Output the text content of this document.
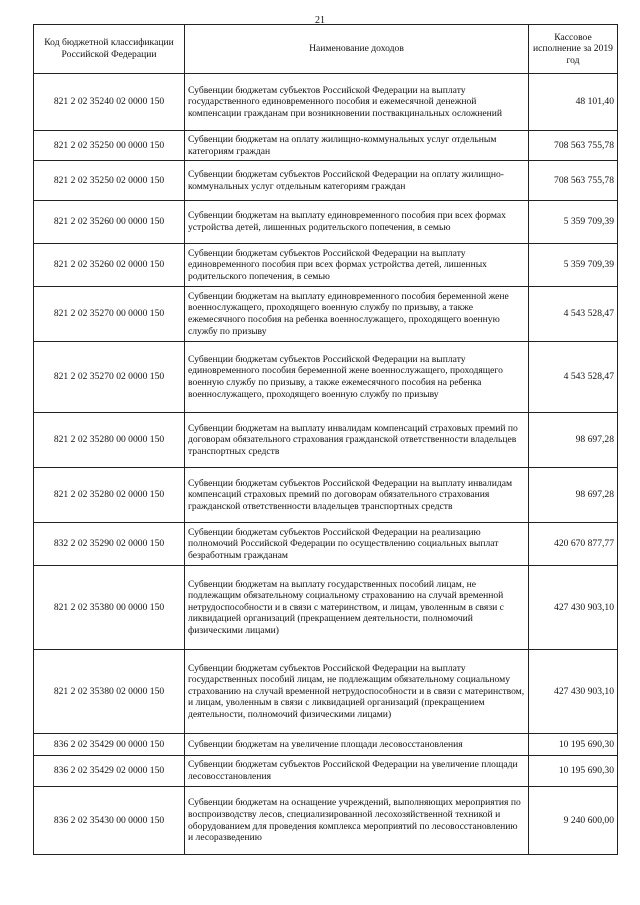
21
Код бюджетной классификации Российской Федерации	Наименование доходов	Кассовое исполнение за 2019 год
821 2 02 35240 02 0000 150	Субвенции бюджетам субъектов Российской Федерации на выплату государственного единовременного пособия и ежемесячной денежной компенсации гражданам при возникновении поствакцинальных осложнений	48 101,40
821 2 02 35250 00 0000 150	Субвенции бюджетам на оплату жилищно-коммунальных услуг отдельным категориям граждан	708 563 755,78
821 2 02 35250 02 0000 150	Субвенции бюджетам субъектов Российской Федерации на оплату жилищно-коммунальных услуг отдельным категориям граждан	708 563 755,78
821 2 02 35260 00 0000 150	Субвенции бюджетам на выплату единовременного пособия при всех формах устройства детей, лишенных родительского попечения, в семью	5 359 709,39
821 2 02 35260 02 0000 150	Субвенции бюджетам субъектов Российской Федерации на выплату единовременного пособия при всех формах устройства детей, лишенных родительского попечения, в семью	5 359 709,39
821 2 02 35270 00 0000 150	Субвенции бюджетам на выплату единовременного пособия беременной жене военнослужащего, проходящего военную службу по призыву, а также ежемесячного пособия на ребенка военнослужащего, проходящего военную службу по призыву	4 543 528,47
821 2 02 35270 02 0000 150	Субвенции бюджетам субъектов Российской Федерации на выплату единовременного пособия беременной жене военнослужащего, проходящего военную службу по призыву, а также ежемесячного пособия на ребенка военнослужащего, проходящего военную службу по призыву	4 543 528,47
821 2 02 35280 00 0000 150	Субвенции бюджетам на выплату инвалидам компенсаций страховых премий по договорам обязательного страхования гражданской ответственности владельцев транспортных средств	98 697,28
821 2 02 35280 02 0000 150	Субвенции бюджетам субъектов Российской Федерации на выплату инвалидам компенсаций страховых премий по договорам обязательного страхования гражданской ответственности владельцев транспортных средств	98 697,28
832 2 02 35290 02 0000 150	Субвенции бюджетам субъектов Российской Федерации на реализацию полномочий Российской Федерации по осуществлению социальных выплат безработным гражданам	420 670 877,77
821 2 02 35380 00 0000 150	Субвенции бюджетам на выплату государственных пособий лицам, не подлежащим обязательному социальному страхованию на случай временной нетрудоспособности и в связи с материнством, и лицам, уволенным в связи с ликвидацией организаций (прекращением деятельности, полномочий физическими лицами)	427 430 903,10
821 2 02 35380 02 0000 150	Субвенции бюджетам субъектов Российской Федерации на выплату государственных пособий лицам, не подлежащим обязательному социальному страхованию на случай временной нетрудоспособности и в связи с материнством, и лицам, уволенным в связи с ликвидацией организаций (прекращением деятельности, полномочий физическими лицами)	427 430 903,10
836 2 02 35429 00 0000 150	Субвенции бюджетам на увеличение площади лесовосстановления	10 195 690,30
836 2 02 35429 02 0000 150	Субвенции бюджетам субъектов Российской Федерации на увеличение площади лесовосстановления	10 195 690,30
836 2 02 35430 00 0000 150	Субвенции бюджетам на оснащение учреждений, выполняющих мероприятия по воспроизводству лесов, специализированной лесохозяйственной техникой и оборудованием для проведения комплекса мероприятий по лесовосстановлению и лесоразведению	9 240 600,00
